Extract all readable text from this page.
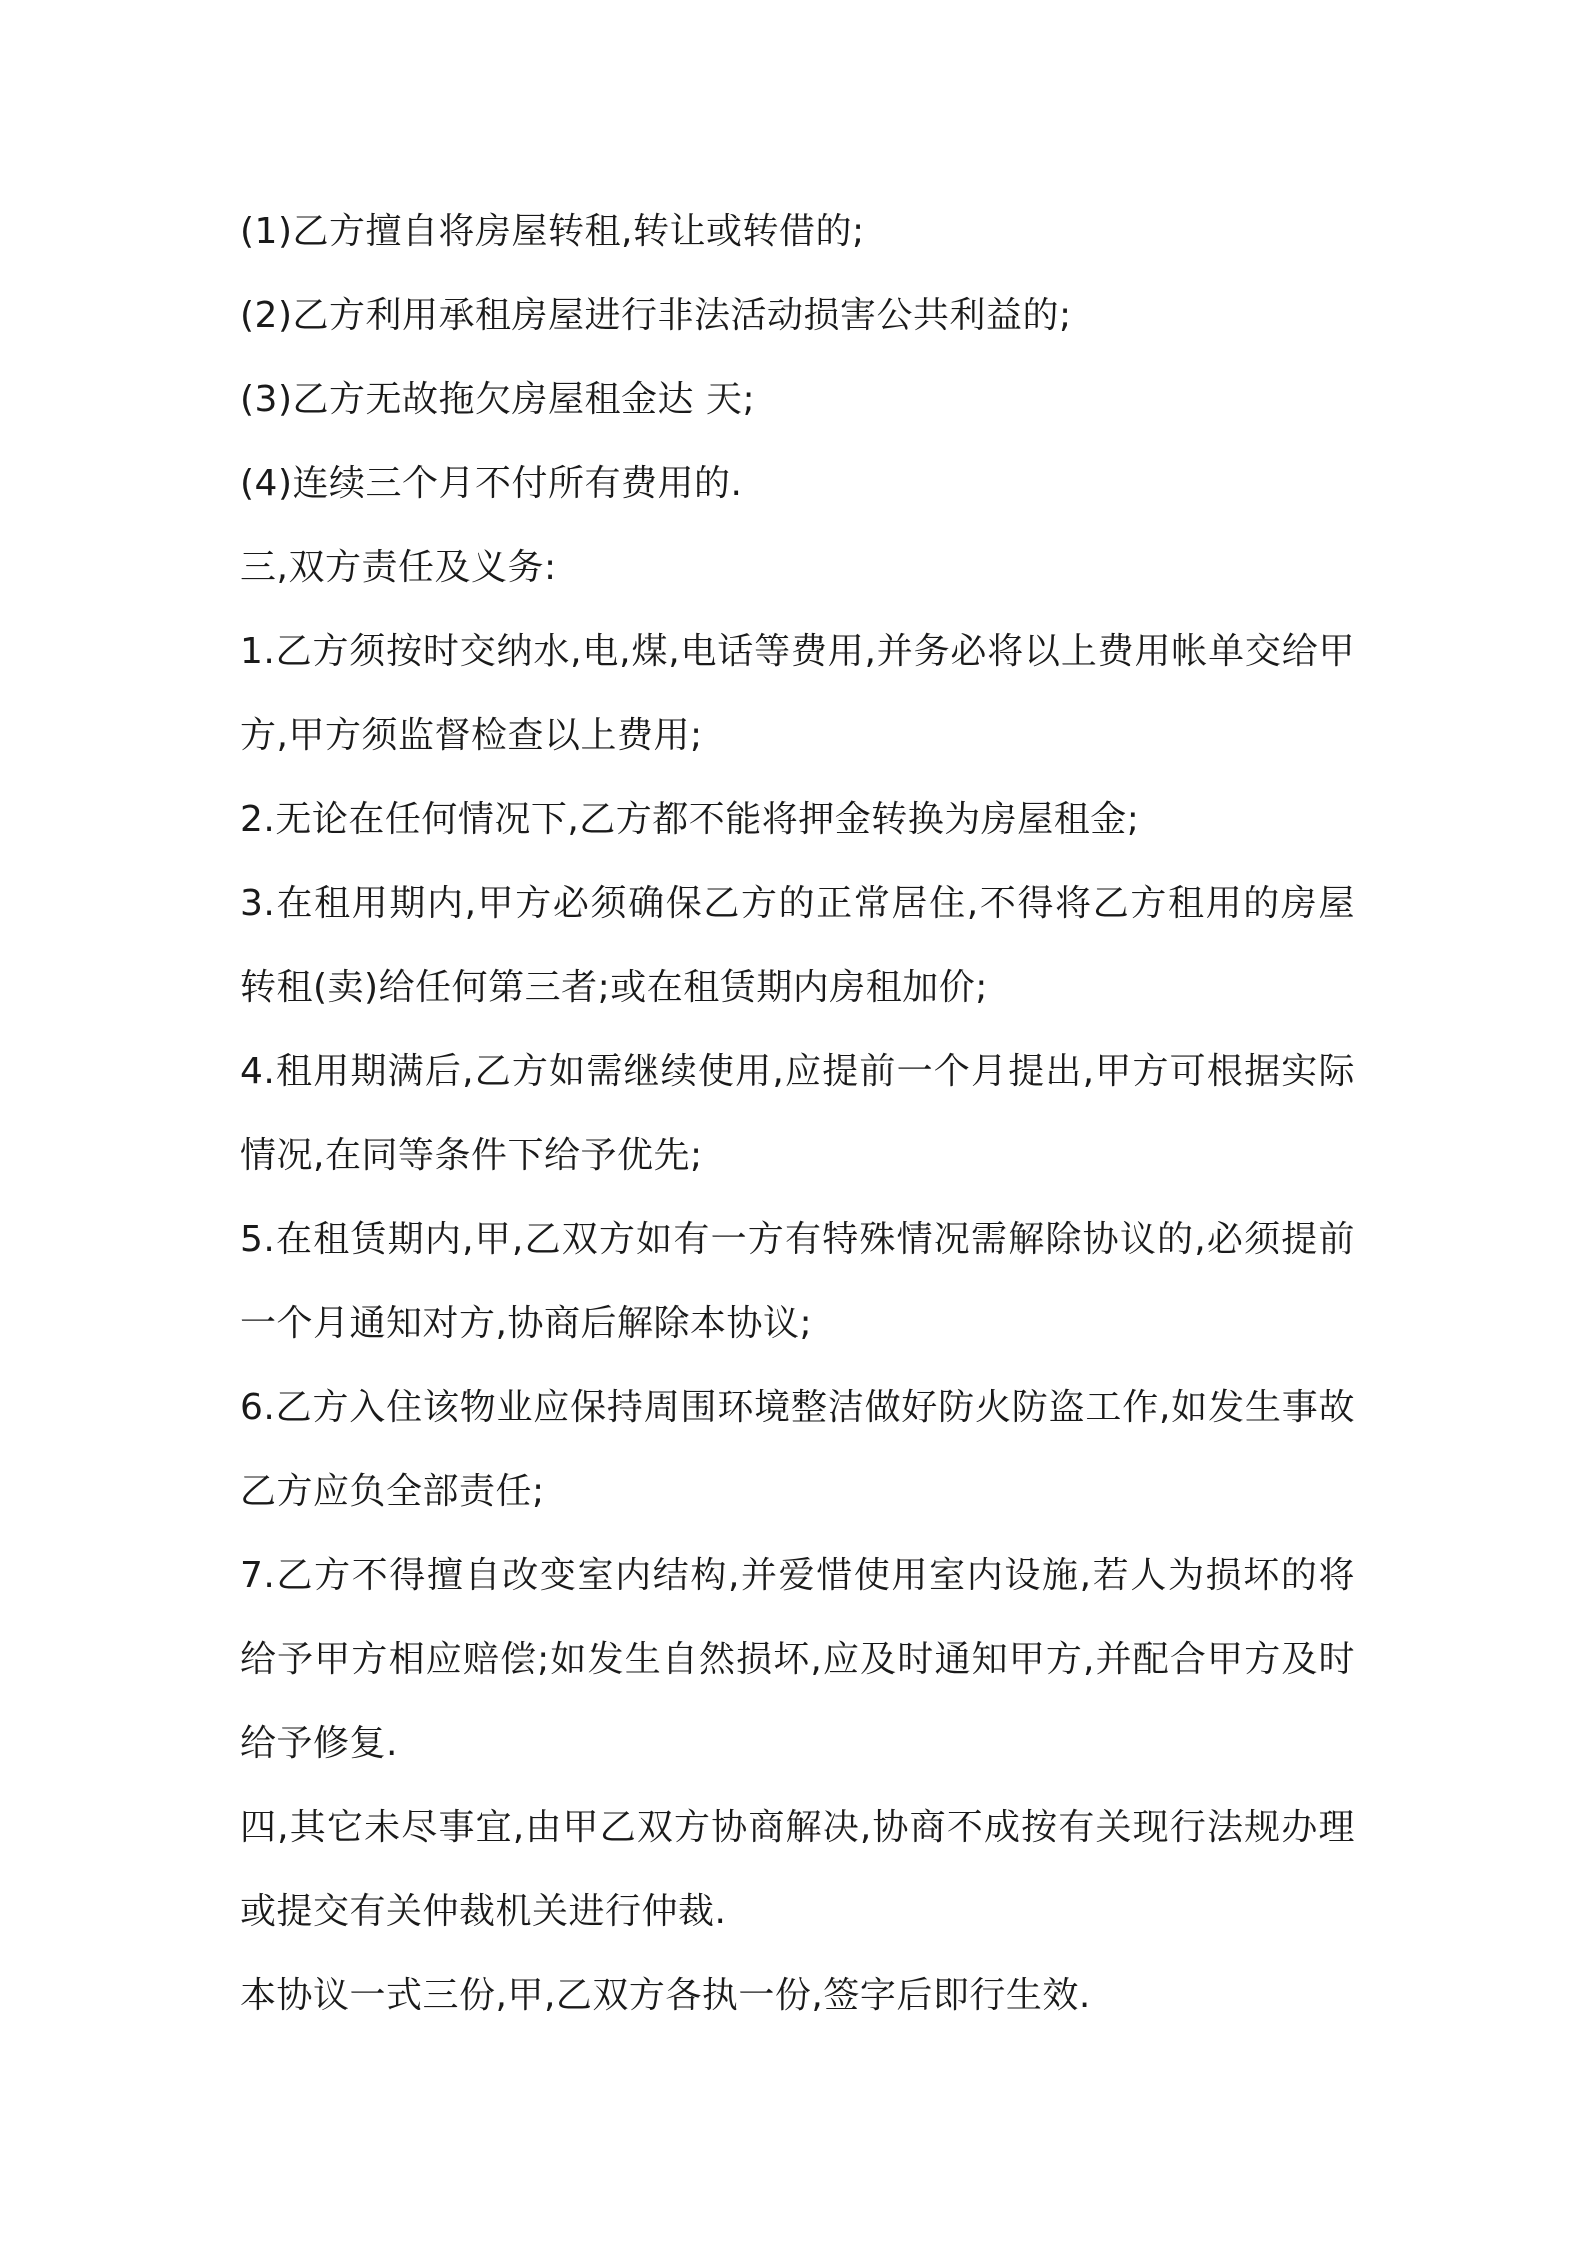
(1)乙方擅自将房屋转租,转让或转借的;

(2)乙方利用承租房屋进行非法活动损害公共利益的;

(3)乙方无故拖欠房屋租金达 天;

(4)连续三个月不付所有费用的.

三,双方责任及义务:

1.乙方须按时交纳水,电,煤,电话等费用,并务必将以上费用帐单交给甲方,甲方须监督检查以上费用;

2.无论在任何情况下,乙方都不能将押金转换为房屋租金;

3.在租用期内,甲方必须确保乙方的正常居住,不得将乙方租用的房屋转租(卖)给任何第三者;或在租赁期内房租加价;

4.租用期满后,乙方如需继续使用,应提前一个月提出,甲方可根据实际情况,在同等条件下给予优先;

5.在租赁期内,甲,乙双方如有一方有特殊情况需解除协议的,必须提前一个月通知对方,协商后解除本协议;

6.乙方入住该物业应保持周围环境整洁做好防火防盗工作,如发生事故乙方应负全部责任;

7.乙方不得擅自改变室内结构,并爱惜使用室内设施,若人为损坏的将给予甲方相应赔偿;如发生自然损坏,应及时通知甲方,并配合甲方及时给予修复.

四,其它未尽事宜,由甲乙双方协商解决,协商不成按有关现行法规办理或提交有关仲裁机关进行仲裁.

本协议一式三份,甲,乙双方各执一份,签字后即行生效.
